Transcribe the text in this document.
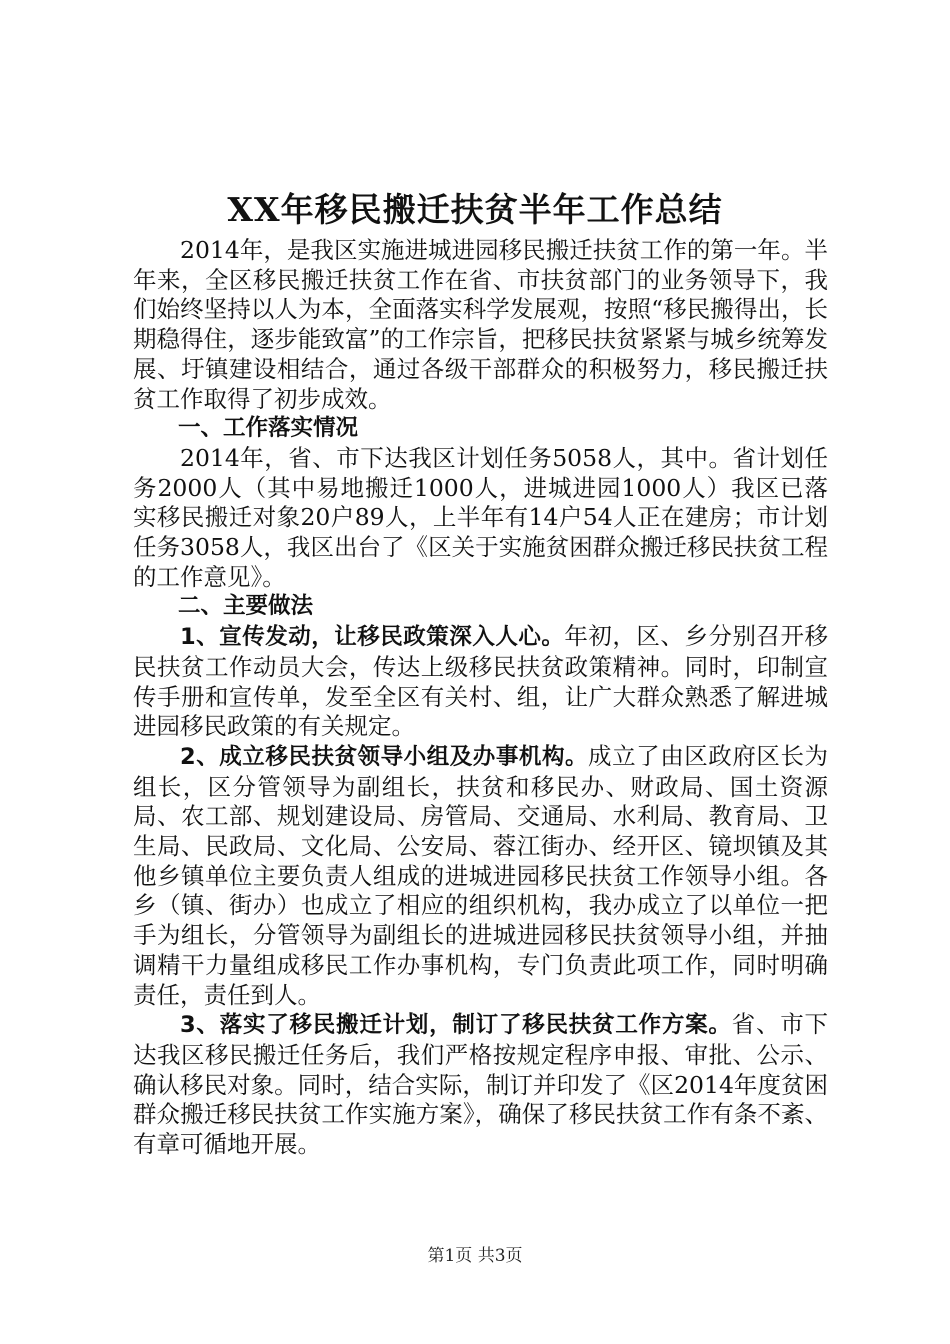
XX年移民搬迁扶贫半年工作总结

2014年，是我区实施进城进园移民搬迁扶贫工作的第一年。半年来，全区移民搬迁扶贫工作在省、市扶贫部门的业务领导下，我们始终坚持以人为本，全面落实科学发展观，按照“移民搬得出，长期稳得住，逐步能致富”的工作宗旨，把移民扶贫紧紧与城乡统筹发展、圩镇建设相结合，通过各级干部群众的积极努力，移民搬迁扶贫工作取得了初步成效。

一、工作落实情况

2014年，省、市下达我区计划任务5058人，其中。省计划任务2000人（其中易地搬迁1000人，进城进园1000人）我区已落实移民搬迁对象20户89人，上半年有14户54人正在建房；市计划任务3058人，我区出台了《区关于实施贫困群众搬迁移民扶贫工程的工作意见》。

二、主要做法

1、宣传发动，让移民政策深入人心。年初，区、乡分别召开移民扶贫工作动员大会，传达上级移民扶贫政策精神。同时，印制宣传手册和宣传单，发至全区有关村、组，让广大群众熟悉了解进城进园移民政策的有关规定。

2、成立移民扶贫领导小组及办事机构。成立了由区政府区长为组长，区分管领导为副组长，扶贫和移民办、财政局、国土资源局、农工部、规划建设局、房管局、交通局、水利局、教育局、卫生局、民政局、文化局、公安局、蓉江街办、经开区、镜坝镇及其他乡镇单位主要负责人组成的进城进园移民扶贫工作领导小组。各乡（镇、街办）也成立了相应的组织机构，我办成立了以单位一把手为组长，分管领导为副组长的进城进园移民扶贫领导小组，并抽调精干力量组成移民工作办事机构，专门负责此项工作，同时明确责任，责任到人。

3、落实了移民搬迁计划，制订了移民扶贫工作方案。省、市下达我区移民搬迁任务后，我们严格按规定程序申报、审批、公示、确认移民对象。同时，结合实际，制订并印发了《区2014年度贫困群众搬迁移民扶贫工作实施方案》，确保了移民扶贫工作有条不紊、有章可循地开展。

第1页 共3页
